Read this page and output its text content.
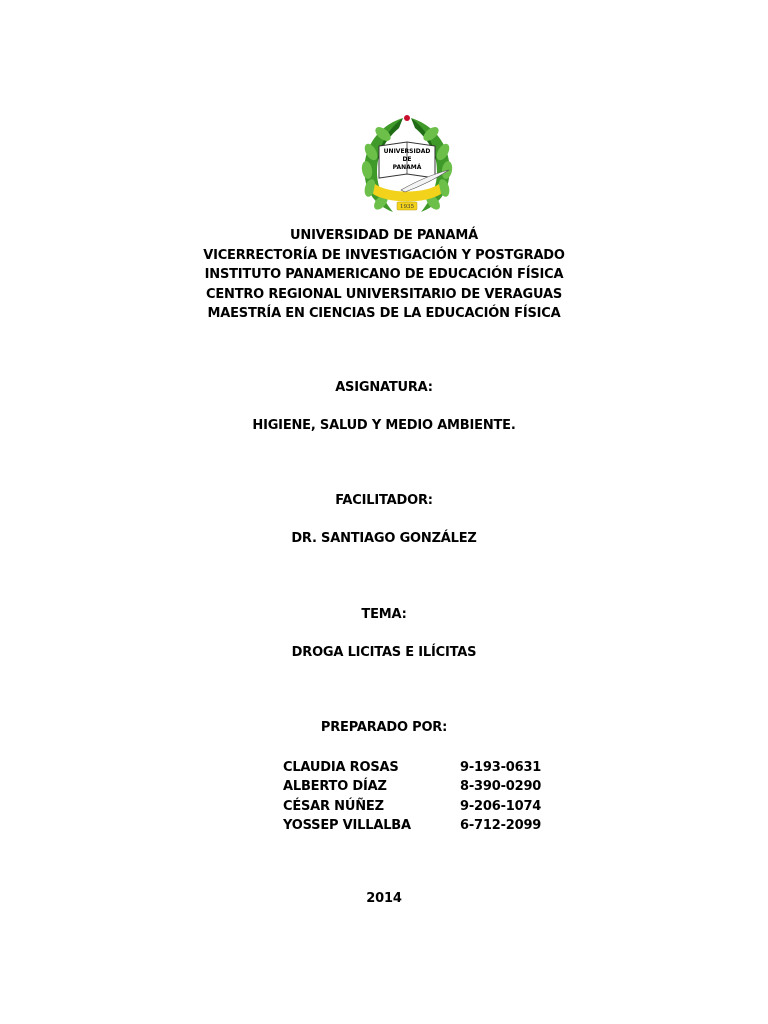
UNIVERSIDAD
DE
PANAMÁ
1935
UNIVERSIDAD DE PANAMÁ
VICERRECTORÍA DE INVESTIGACIÓN Y POSTGRADO
INSTITUTO PANAMERICANO DE EDUCACIÓN FÍSICA
CENTRO REGIONAL UNIVERSITARIO DE VERAGUAS
MAESTRÍA EN CIENCIAS DE LA EDUCACIÓN FÍSICA
ASIGNATURA:
HIGIENE, SALUD Y MEDIO AMBIENTE.
FACILITADOR:
DR. SANTIAGO GONZÁLEZ
TEMA:
DROGA LICITAS E ILÍCITAS
PREPARADO POR:
CLAUDIA ROSAS	9-193-0631
ALBERTO DÍAZ	8-390-0290
CÉSAR NÚÑEZ	9-206-1074
YOSSEP VILLALBA	6-712-2099
2014
